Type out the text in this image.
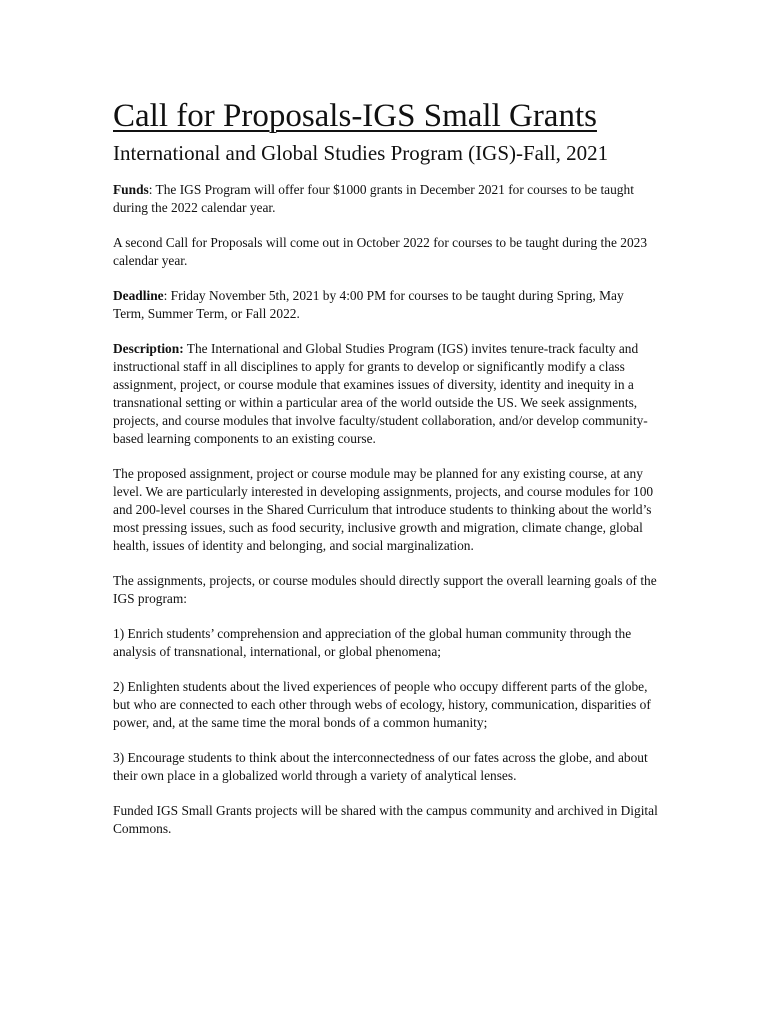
Call for Proposals-IGS Small Grants
International and Global Studies Program (IGS)-Fall, 2021

Funds: The IGS Program will offer four $1000 grants in December 2021 for courses to be taught during the 2022 calendar year.

A second Call for Proposals will come out in October 2022 for courses to be taught during the 2023 calendar year.

Deadline: Friday November 5th, 2021 by 4:00 PM for courses to be taught during Spring, May Term, Summer Term, or Fall 2022.

Description: The International and Global Studies Program (IGS) invites tenure-track faculty and instructional staff in all disciplines to apply for grants to develop or significantly modify a class assignment, project, or course module that examines issues of diversity, identity and inequity in a transnational setting or within a particular area of the world outside the US. We seek assignments, projects, and course modules that involve faculty/student collaboration, and/or develop community-based learning components to an existing course.

The proposed assignment, project or course module may be planned for any existing course, at any level. We are particularly interested in developing assignments, projects, and course modules for 100 and 200-level courses in the Shared Curriculum that introduce students to thinking about the world’s most pressing issues, such as food security, inclusive growth and migration, climate change, global health, issues of identity and belonging, and social marginalization.

The assignments, projects, or course modules should directly support the overall learning goals of the IGS program:

1) Enrich students’ comprehension and appreciation of the global human community through the analysis of transnational, international, or global phenomena;

2) Enlighten students about the lived experiences of people who occupy different parts of the globe, but who are connected to each other through webs of ecology, history, communication, disparities of power, and, at the same time the moral bonds of a common humanity;

3) Encourage students to think about the interconnectedness of our fates across the globe, and about their own place in a globalized world through a variety of analytical lenses.

Funded IGS Small Grants projects will be shared with the campus community and archived in Digital Commons.
